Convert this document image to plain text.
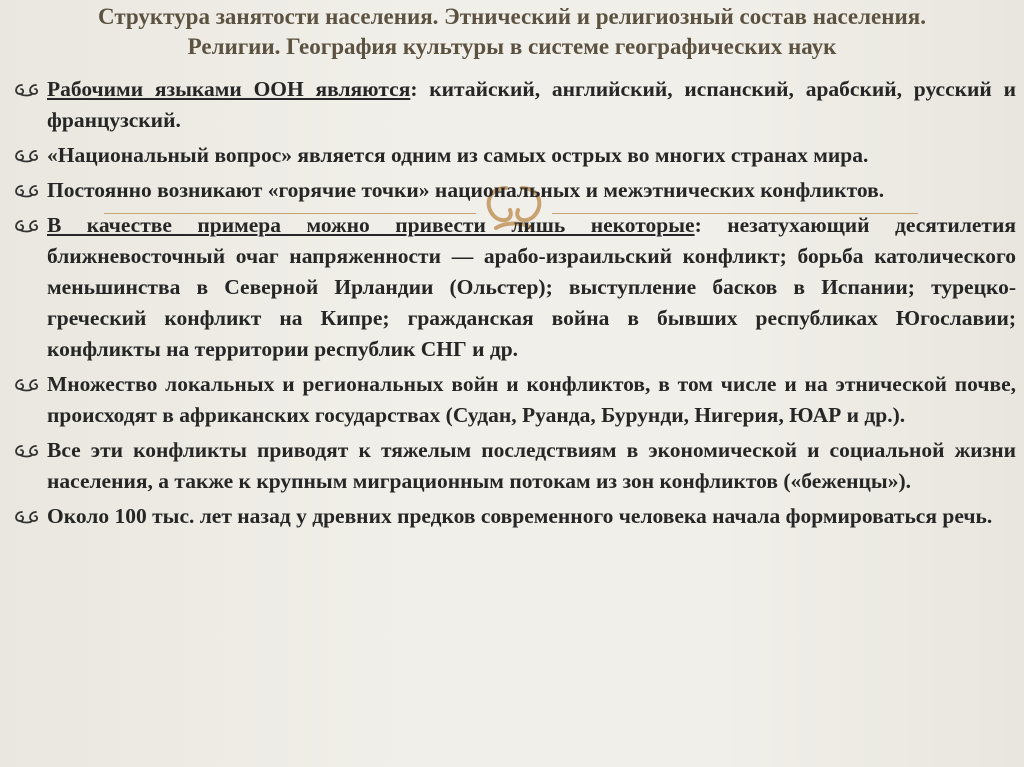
Структура занятости населения. Этнический и религиозный состав населения.
Религии. География культуры в системе географических наук
Рабочими языками ООН являются: китайский, английский, испанский, арабский, русский и французский.
«Национальный вопрос» является одним из самых острых во многих странах мира.
Постоянно возникают «горячие точки» национальных и межэтнических конфликтов.
В качестве примера можно привести лишь некоторые: незатухающий десятилетия ближневосточный очаг напряженности — арабо-израильский конфликт; борьба католического меньшинства в Северной Ирландии (Ольстер); выступление басков в Испании; турецко-греческий конфликт на Кипре; гражданская война в бывших республиках Югославии; конфликты на территории республик СНГ и др.
Множество локальных и региональных войн и конфликтов, в том числе и на этнической почве, происходят в африканских государствах (Судан, Руанда, Бурунди, Нигерия, ЮАР и др.).
Все эти конфликты приводят к тяжелым последствиям в экономической и социальной жизни населения, а также к крупным миграционным потокам из зон конфликтов («беженцы»).
Около 100 тыс. лет назад у древних предков современного человека начала формироваться речь.
